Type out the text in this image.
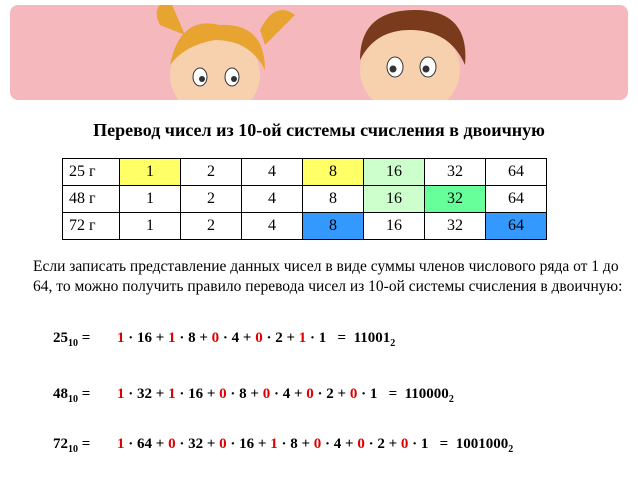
Перевод чисел из 10-ой системы счисления в двоичную
25 г	1	2	4	8	16	32	64
48 г	1	2	4	8	16	32	64
72 г	1	2	4	8	16	32	64
Если записать представление данных чисел в виде суммы членов числового ряда от 1 до 64, то можно получить правило перевода чисел из 10-ой системы счисления в двоичную:
$25_{10} = 1 \cdot 16 + 1 \cdot 8 + 0 \cdot 4 + 0 \cdot 2 + 1 \cdot 1 = 11001_2$
$48_{10} = 1 \cdot 32 + 1 \cdot 16 + 0 \cdot 8 + 0 \cdot 4 + 0 \cdot 2 + 0 \cdot 1 = 110000_2$
$72_{10} = 1 \cdot 64 + 0 \cdot 32 + 0 \cdot 16 + 1 \cdot 8 + 0 \cdot 4 + 0 \cdot 2 + 0 \cdot 1 = 1001000_2$
